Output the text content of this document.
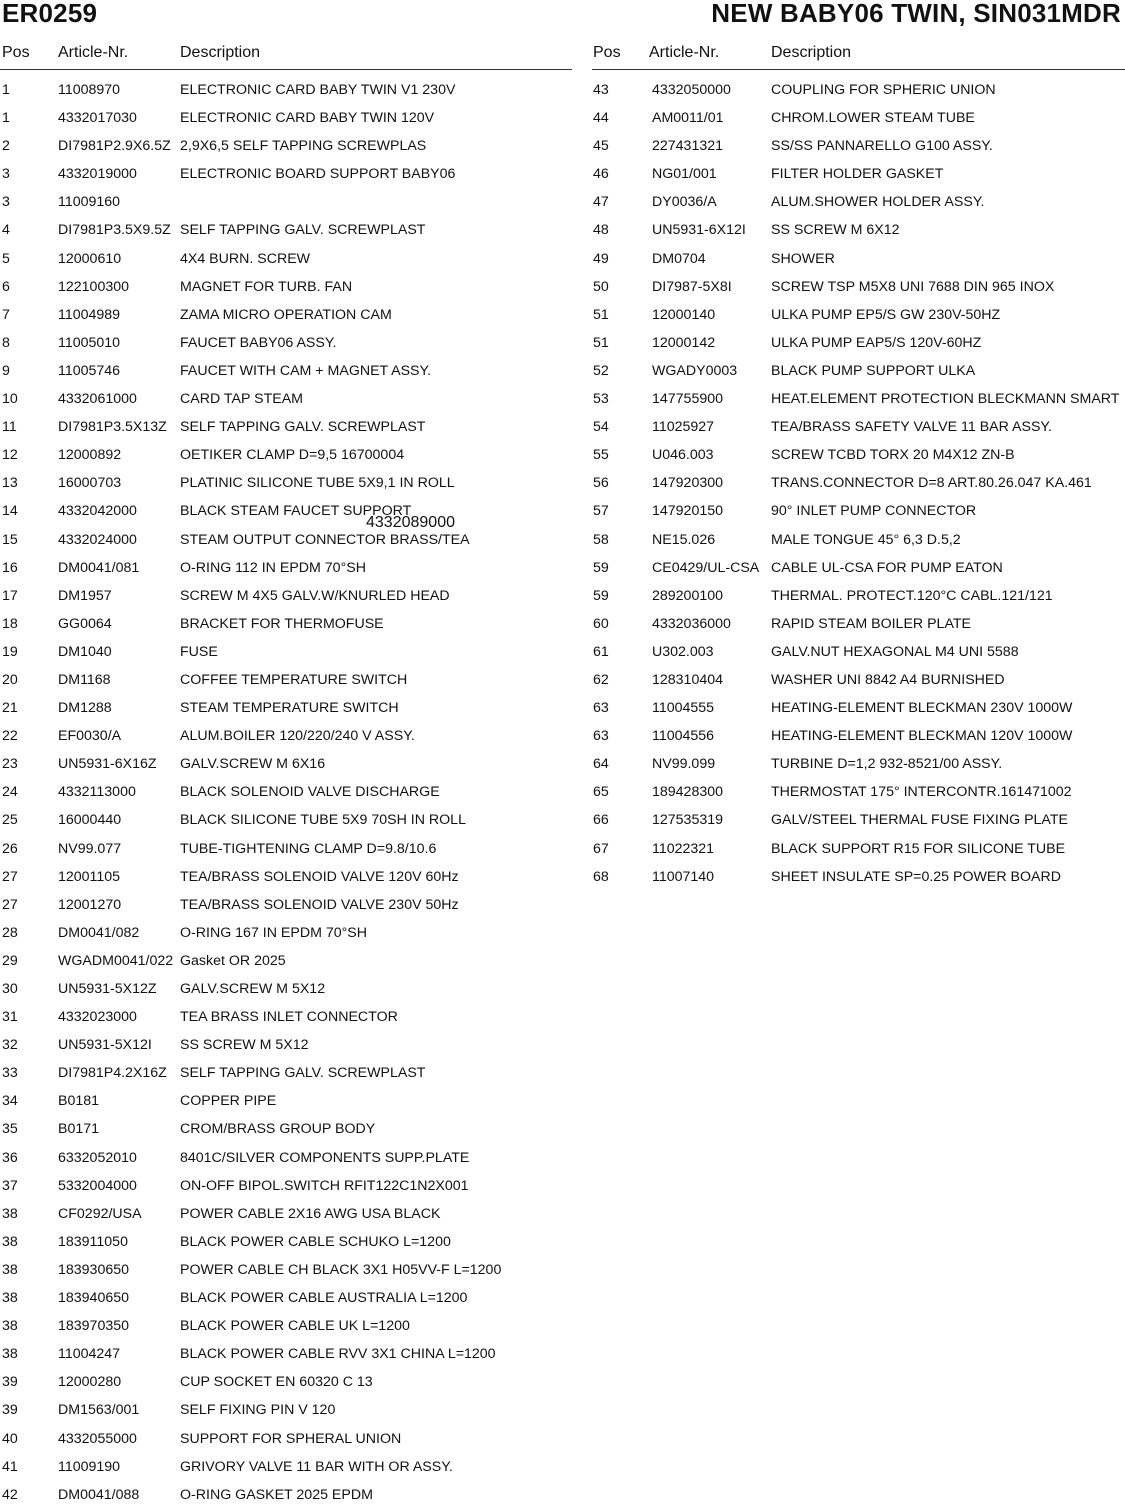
ER0259	NEW BABY06 TWIN, SIN031MDR
Pos Article-Nr.	Description
1	11008970	ELECTRONIC CARD BABY TWIN V1 230V
1	4332017030	ELECTRONIC CARD BABY TWIN 120V
2	DI7981P2.9X6.5Z 2,9X6,5 SELF TAPPING SCREWPLAS
3	4332019000	ELECTRONIC BOARD SUPPORT BABY06
3	11009160
4	DI7981P3.5X9.5Z SELF TAPPING GALV. SCREWPLAST
5	12000610	4X4 BURN. SCREW
6	122100300	MAGNET FOR TURB. FAN
7	11004989	ZAMA MICRO OPERATION CAM
8	11005010	FAUCET BABY06 ASSY.
9	11005746	FAUCET WITH CAM + MAGNET ASSY.
10	4332061000	CARD TAP STEAM
11	DI7981P3.5X13Z SELF TAPPING GALV. SCREWPLAST
12	12000892	OETIKER CLAMP D=9,5 16700004
13	16000703	PLATINIC SILICONE TUBE 5X9,1 IN ROLL
14	4332042000	BLACK STEAM FAUCET SUPPORT
15	4332024000	STEAM OUTPUT CONNECTOR BRASS/TEA
16	DM0041/081	O-RING 112 IN EPDM 70°SH
17	DM1957	SCREW M 4X5 GALV.W/KNURLED HEAD
18	GG0064	BRACKET FOR THERMOFUSE
19	DM1040	FUSE
20	DM1168	COFFEE TEMPERATURE SWITCH
21	DM1288	STEAM TEMPERATURE SWITCH
22	EF0030/A	ALUM.BOILER 120/220/240 V ASSY.
23	UN5931-6X16Z GALV.SCREW M 6X16
24	4332113000	BLACK SOLENOID VALVE DISCHARGE
25	16000440	BLACK SILICONE TUBE 5X9 70SH IN ROLL
26	NV99.077	TUBE-TIGHTENING CLAMP D=9.8/10.6
27	12001105	TEA/BRASS SOLENOID VALVE 120V 60Hz
27	12001270	TEA/BRASS SOLENOID VALVE 230V 50Hz
28	DM0041/082	O-RING 167 IN EPDM 70°SH
29	WGADM0041/022 Gasket OR 2025
30	UN5931-5X12Z GALV.SCREW M 5X12
31	4332023000	TEA BRASS INLET CONNECTOR
32	UN5931-5X12I SS SCREW M 5X12
33	DI7981P4.2X16Z SELF TAPPING GALV. SCREWPLAST
34	B0181	COPPER PIPE
35	B0171	CROM/BRASS GROUP BODY
36	6332052010	8401C/SILVER COMPONENTS SUPP.PLATE
37	5332004000	ON-OFF BIPOL.SWITCH RFIT122C1N2X001
38	CF0292/USA	POWER CABLE 2X16 AWG USA BLACK
38	183911050	BLACK POWER CABLE SCHUKO L=1200
38	183930650	POWER CABLE CH BLACK 3X1 H05VV-F L=1200
38	183940650	BLACK POWER CABLE AUSTRALIA L=1200
38	183970350	BLACK POWER CABLE UK L=1200
38	11004247	BLACK POWER CABLE RVV 3X1 CHINA L=1200
39	12000280	CUP SOCKET EN 60320 C 13
39	DM1563/001	SELF FIXING PIN V 120
40	4332055000	SUPPORT FOR SPHERAL UNION
41	11009190	GRIVORY VALVE 11 BAR WITH OR ASSY.
42	DM0041/088	O-RING GASKET 2025 EPDM
Pos Article-Nr.	Description
43	4332050000	COUPLING FOR SPHERIC UNION
44	AM0011/01	CHROM.LOWER STEAM TUBE
45	227431321	SS/SS PANNARELLO G100 ASSY.
46	NG01/001	FILTER HOLDER GASKET
47	DY0036/A	ALUM.SHOWER HOLDER ASSY.
48	UN5931-6X12I SS SCREW M 6X12
49	DM0704	SHOWER
50	DI7987-5X8I	SCREW TSP M5X8 UNI 7688 DIN 965 INOX
51	12000140	ULKA PUMP EP5/S GW 230V-50HZ
51	12000142	ULKA PUMP EAP5/S 120V-60HZ
52	WGADY0003 BLACK PUMP SUPPORT ULKA
53	147755900	HEAT.ELEMENT PROTECTION BLECKMANN SMART
54	11025927	TEA/BRASS SAFETY VALVE 11 BAR ASSY.
55	U046.003	SCREW TCBD TORX 20 M4X12 ZN-B
56	147920300	TRANS.CONNECTOR D=8 ART.80.26.047 KA.461
57	147920150	90° INLET PUMP CONNECTOR
58	NE15.026	MALE TONGUE 45° 6,3 D.5,2
59	CE0429/UL-CSA CABLE UL-CSA FOR PUMP EATON
59	289200100	THERMAL. PROTECT.120°C CABL.121/121
60	4332036000	RAPID STEAM BOILER PLATE
61	U302.003	GALV.NUT HEXAGONAL M4 UNI 5588
62	128310404	WASHER UNI 8842 A4 BURNISHED
63	11004555	HEATING-ELEMENT BLECKMAN 230V 1000W
63	11004556	HEATING-ELEMENT BLECKMAN 120V 1000W
64	NV99.099	TURBINE D=1,2 932-8521/00 ASSY.
65	189428300	THERMOSTAT 175° INTERCONTR.161471002
66	127535319	GALV/STEEL THERMAL FUSE FIXING PLATE
67	11022321	BLACK SUPPORT R15 FOR SILICONE TUBE
68	11007140	SHEET INSULATE SP=0.25 POWER BOARD
4332089000
